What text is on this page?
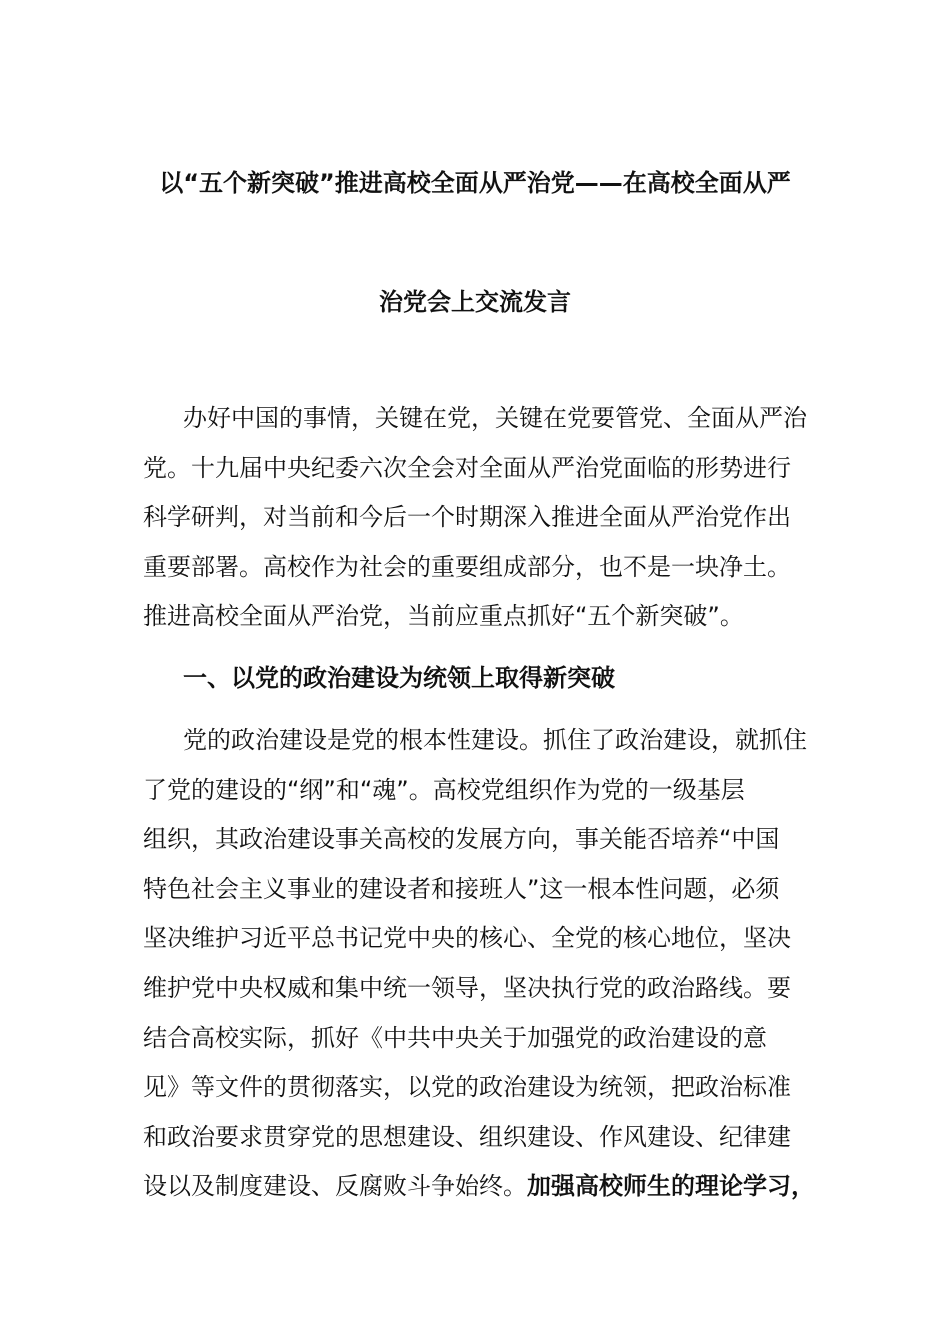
以“五个新突破”推进高校全面从严治党——在高校全面从严
治党会上交流发言
办好中国的事情，关键在党，关键在党要管党、全面从严治
党。十九届中央纪委六次全会对全面从严治党面临的形势进行
科学研判，对当前和今后一个时期深入推进全面从严治党作出
重要部署。高校作为社会的重要组成部分，也不是一块净土。
推进高校全面从严治党，当前应重点抓好“五个新突破”。
一、以党的政治建设为统领上取得新突破
党的政治建设是党的根本性建设。抓住了政治建设，就抓住
了党的建设的“纲”和“魂”。高校党组织作为党的一级基层
组织，其政治建设事关高校的发展方向，事关能否培养“中国
特色社会主义事业的建设者和接班人”这一根本性问题，必须
坚决维护习近平总书记党中央的核心、全党的核心地位，坚决
维护党中央权威和集中统一领导，坚决执行党的政治路线。要
结合高校实际，抓好《中共中央关于加强党的政治建设的意
见》等文件的贯彻落实，以党的政治建设为统领，把政治标准
和政治要求贯穿党的思想建设、组织建设、作风建设、纪律建
设以及制度建设、反腐败斗争始终。加强高校师生的理论学习，
